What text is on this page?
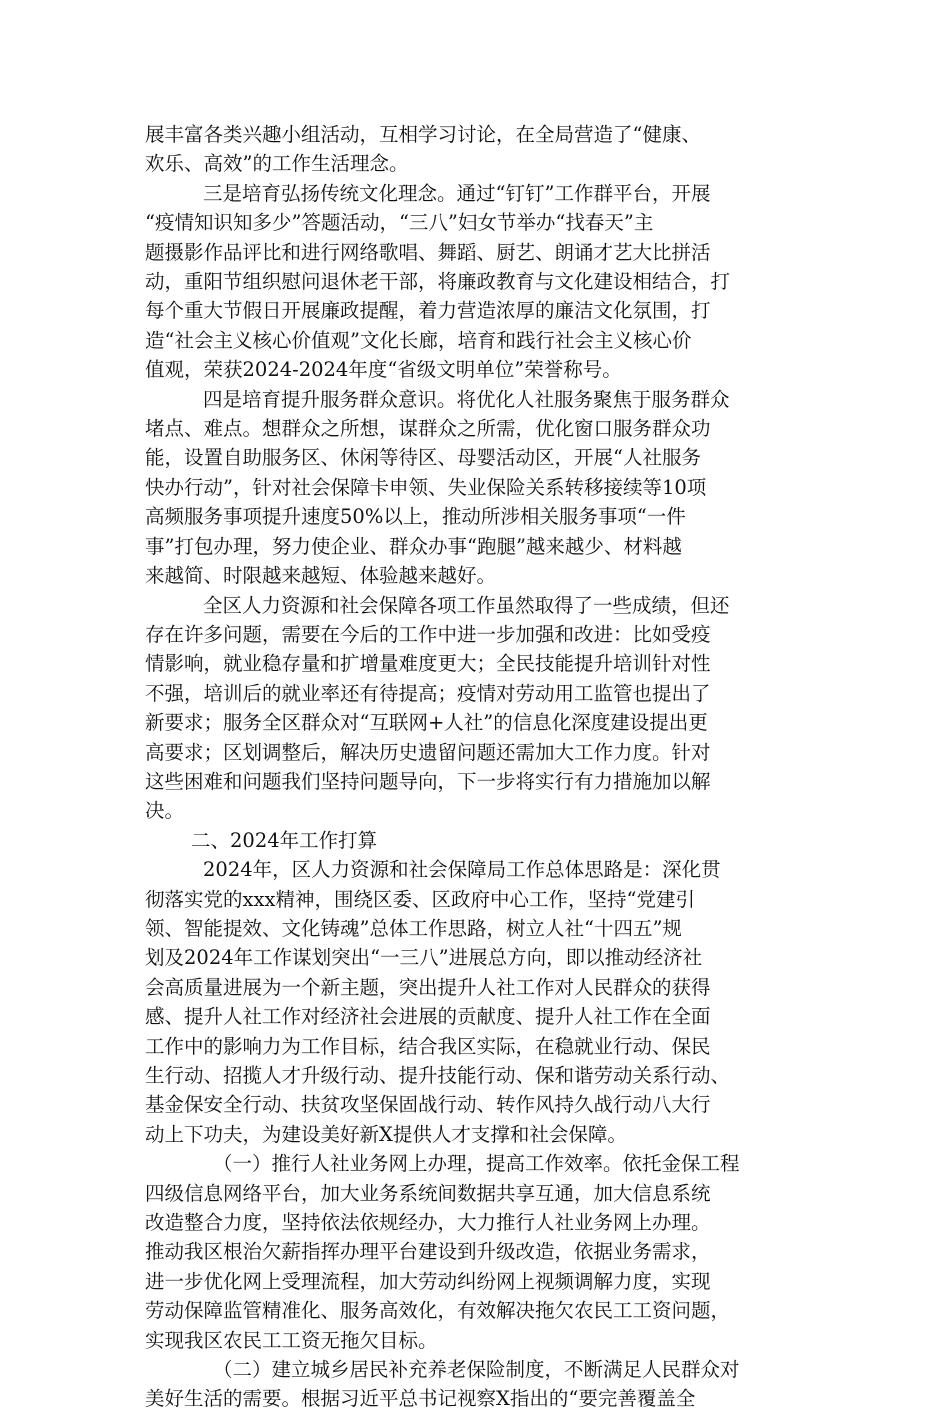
展丰富各类兴趣小组活动，互相学习讨论，在全局营造了“健康、
欢乐、高效”的工作生活理念。

三是培育弘扬传统文化理念。通过“钉钉”工作群平台，开展
“疫情知识知多少”答题活动，“三八”妇女节举办“找春天”主
题摄影作品评比和进行网络歌唱、舞蹈、厨艺、朗诵才艺大比拼活
动，重阳节组织慰问退休老干部，将廉政教育与文化建设相结合，打
每个重大节假日开展廉政提醒，着力营造浓厚的廉洁文化氛围，打
造“社会主义核心价值观”文化长廊，培育和践行社会主义核心价
值观，荣获2024-2024年度“省级文明单位”荣誉称号。

四是培育提升服务群众意识。将优化人社服务聚焦于服务群众
堵点、难点。想群众之所想，谋群众之所需，优化窗口服务群众功
能，设置自助服务区、休闲等待区、母婴活动区，开展“人社服务
快办行动”，针对社会保障卡申领、失业保险关系转移接续等10项
高频服务事项提升速度50%以上，推动所涉相关服务事项“一件
事”打包办理，努力使企业、群众办事“跑腿”越来越少、材料越
来越简、时限越来越短、体验越来越好。

全区人力资源和社会保障各项工作虽然取得了一些成绩，但还
存在许多问题，需要在今后的工作中进一步加强和改进：比如受疫
情影响，就业稳存量和扩增量难度更大；全民技能提升培训针对性
不强，培训后的就业率还有待提高；疫情对劳动用工监管也提出了
新要求；服务全区群众对“互联网+人社”的信息化深度建设提出更
高要求；区划调整后，解决历史遗留问题还需加大工作力度。针对
这些困难和问题我们坚持问题导向，下一步将实行有力措施加以解
决。

二、2024年工作打算

2024年，区人力资源和社会保障局工作总体思路是：深化贯
彻落实党的xxx精神，围绕区委、区政府中心工作，坚持“党建引
领、智能提效、文化铸魂”总体工作思路，树立人社“十四五”规
划及2024年工作谋划突出“一三八”进展总方向，即以推动经济社
会高质量进展为一个新主题，突出提升人社工作对人民群众的获得
感、提升人社工作对经济社会进展的贡献度、提升人社工作在全面
工作中的影响力为工作目标，结合我区实际，在稳就业行动、保民
生行动、招揽人才升级行动、提升技能行动、保和谐劳动关系行动、
基金保安全行动、扶贫攻坚保固战行动、转作风持久战行动八大行
动上下功夫，为建设美好新X提供人才支撑和社会保障。

（一）推行人社业务网上办理，提高工作效率。依托金保工程
四级信息网络平台，加大业务系统间数据共享互通，加大信息系统
改造整合力度，坚持依法依规经办，大力推行人社业务网上办理。
推动我区根治欠薪指挥办理平台建设到升级改造，依据业务需求，
进一步优化网上受理流程，加大劳动纠纷网上视频调解力度，实现
劳动保障监管精准化、服务高效化，有效解决拖欠农民工工资问题，
实现我区农民工工资无拖欠目标。

（二）建立城乡居民补充养老保险制度，不断满足人民群众对
美好生活的需要。根据习近平总书记视察X指出的“要完善覆盖全
